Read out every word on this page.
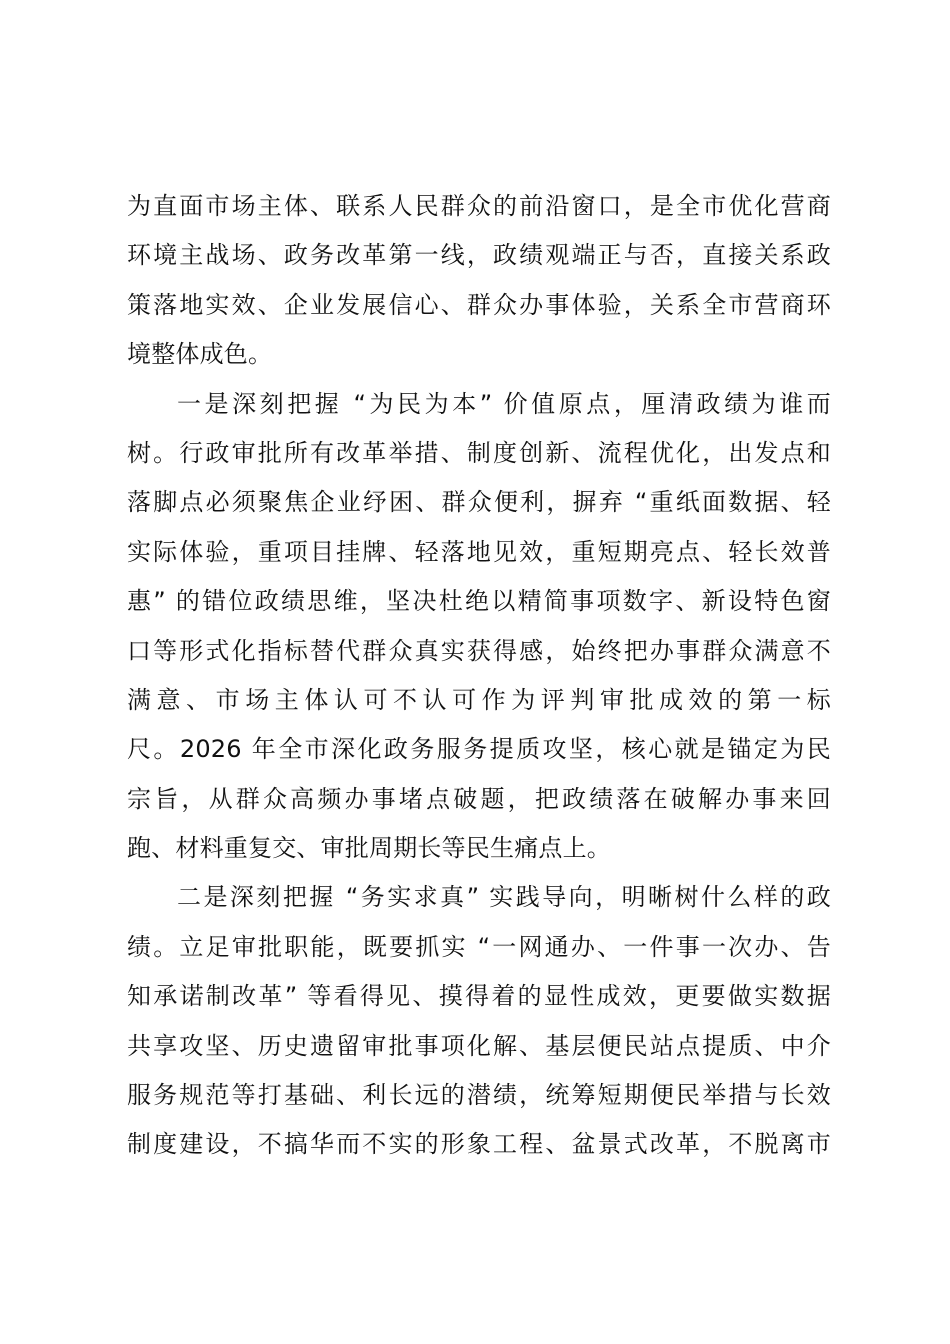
为直面市场主体、联系人民群众的前沿窗口，是全市优化营商
环境主战场、政务改革第一线，政绩观端正与否，直接关系政
策落地实效、企业发展信心、群众办事体验，关系全市营商环
境整体成色。
一是深刻把握 “为民为本” 价值原点，厘清政绩为谁而
树。行政审批所有改革举措、制度创新、流程优化，出发点和
落脚点必须聚焦企业纾困、群众便利，摒弃 “重纸面数据、轻
实际体验，重项目挂牌、轻落地见效，重短期亮点、轻长效普
惠” 的错位政绩思维，坚决杜绝以精简事项数字、新设特色窗
口等形式化指标替代群众真实获得感，始终把办事群众满意不
满意、市场主体认可不认可作为评判审批成效的第一标
尺。2026 年全市深化政务服务提质攻坚，核心就是锚定为民
宗旨，从群众高频办事堵点破题，把政绩落在破解办事来回
跑、材料重复交、审批周期长等民生痛点上。
二是深刻把握 “务实求真” 实践导向，明晰树什么样的政
绩。立足审批职能，既要抓实 “一网通办、一件事一次办、告
知承诺制改革” 等看得见、摸得着的显性成效，更要做实数据
共享攻坚、历史遗留审批事项化解、基层便民站点提质、中介
服务规范等打基础、利长远的潜绩，统筹短期便民举措与长效
制度建设，不搞华而不实的形象工程、盆景式改革，不脱离市
